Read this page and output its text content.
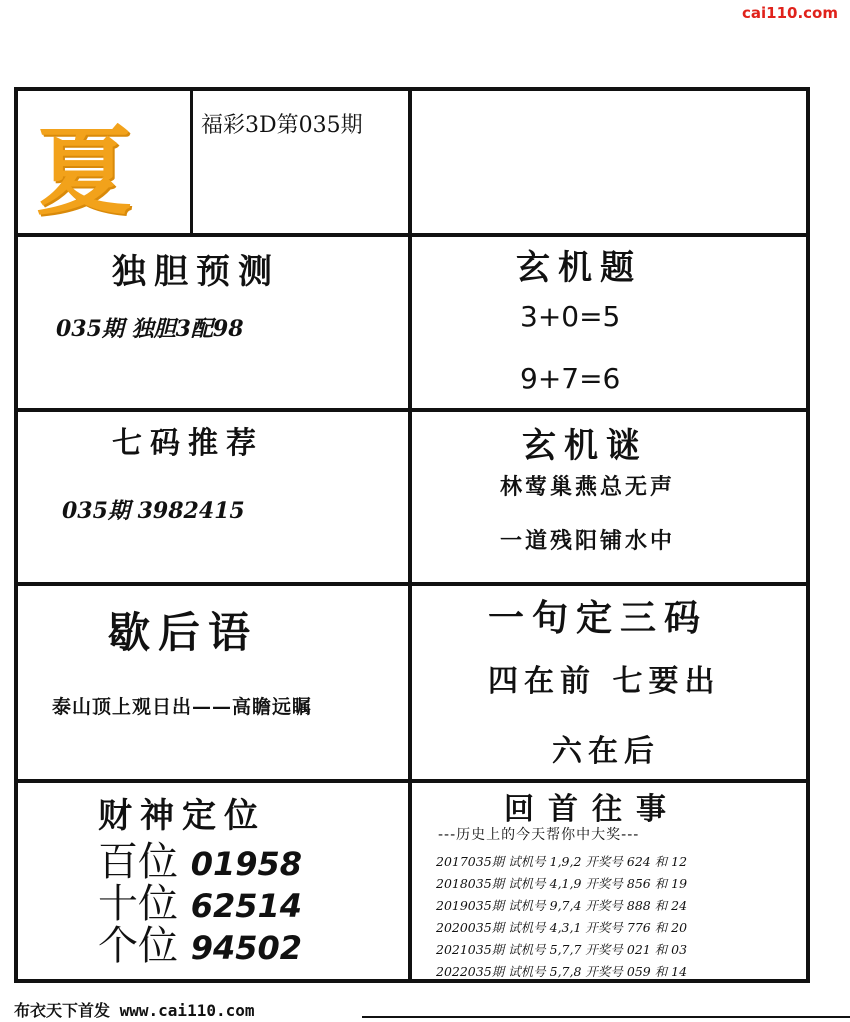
cai110.com
夏	福彩3D第035期
独胆预测
035期 独胆3配98
玄机题
3+0=5
9+7=6
七码推荐
035期 3982415
玄机谜
林莺巢燕总无声
一道残阳铺水中
歇后语
泰山顶上观日出——高瞻远瞩
一句定三码
四在前 七要出
六在后
财神定位
百位 01958
十位 62514
个位 94502
回首往事
---历史上的今天帮你中大奖---
2017035期 试机号 1,9,2 开奖号 624 和 12
2018035期 试机号 4,1,9 开奖号 856 和 19
2019035期 试机号 9,7,4 开奖号 888 和 24
2020035期 试机号 4,3,1 开奖号 776 和 20
2021035期 试机号 5,7,7 开奖号 021 和 03
2022035期 试机号 5,7,8 开奖号 059 和 14
布衣天下首发 www.cai110.com
